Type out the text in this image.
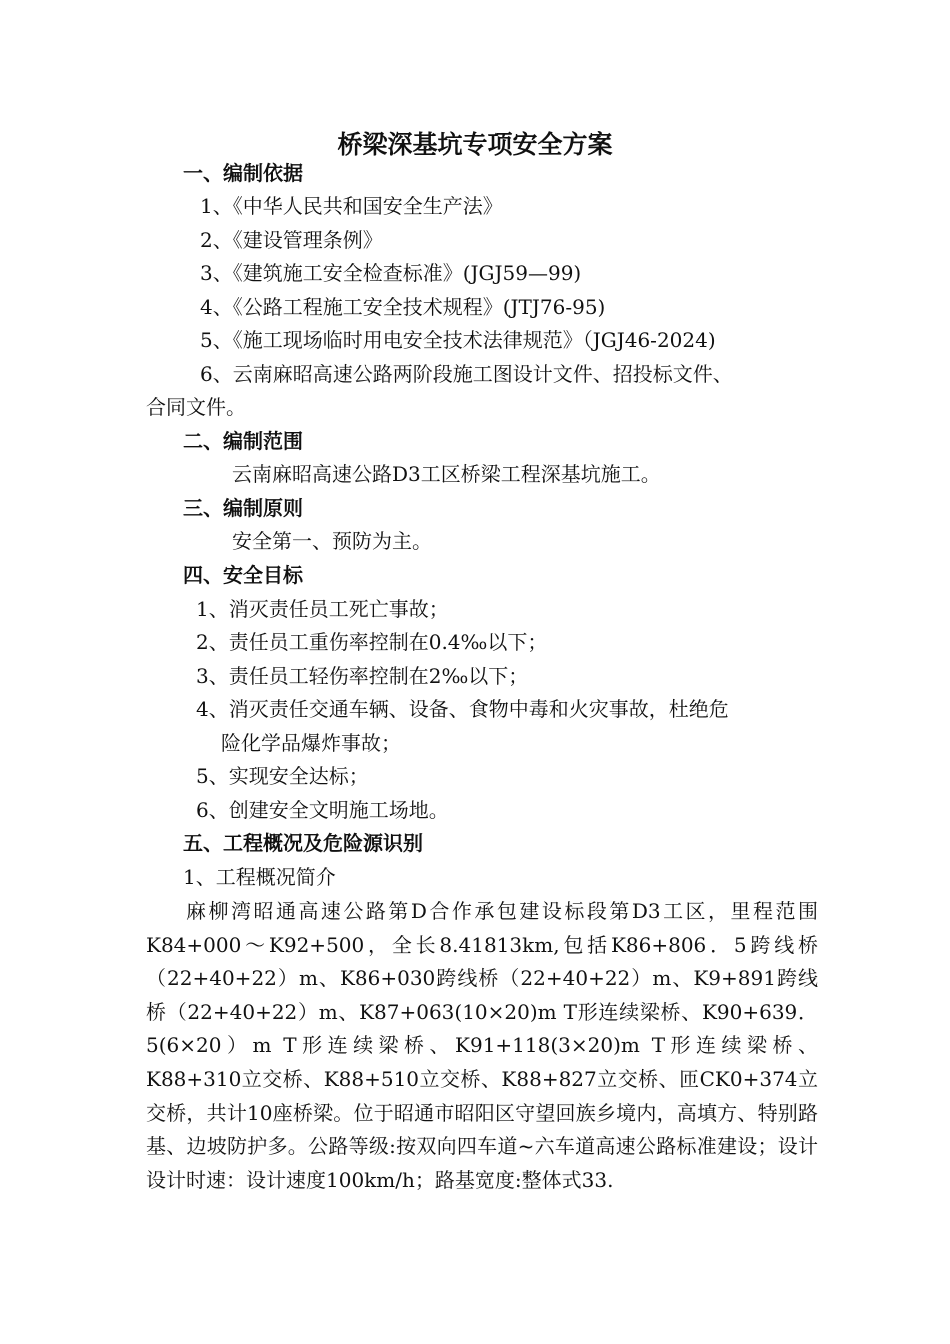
桥梁深基坑专项安全方案
一、编制依据
1、《中华人民共和国安全生产法》
2、《建设管理条例》
3、《建筑施工安全检查标准》(JGJ59—99)
4、《公路工程施工安全技术规程》(JTJ76-95)
5、《施工现场临时用电安全技术法律规范》（JGJ46-2024)
6、云南麻昭高速公路两阶段施工图设计文件、招投标文件、
合同文件。
二、编制范围
云南麻昭高速公路D3工区桥梁工程深基坑施工。
三、编制原则
安全第一、预防为主。
四、安全目标
1、消灭责任员工死亡事故；
2、责任员工重伤率控制在0.4‰以下；
3、责任员工轻伤率控制在2‰以下；
4、消灭责任交通车辆、设备、食物中毒和火灾事故，杜绝危
险化学品爆炸事故；
5、实现安全达标；
6、创建安全文明施工场地。
五、工程概况及危险源识别
1、工程概况简介
麻柳湾昭通高速公路第D合作承包建设标段第D3工区，里程范围K84+000～K92+500，全长8.41813km,包括K86+806．5跨线桥（22+40+22）m、K86+030跨线桥（22+40+22）m、K9+891跨线桥（22+40+22）m、K87+063(10×20)m T形连续梁桥、K90+639．5(6×20）m T形连续梁桥、K91+118(3×20)m T形连续梁桥、K88+310立交桥、K88+510立交桥、K88+827立交桥、匝CK0+374立交桥，共计10座桥梁。位于昭通市昭阳区守望回族乡境内，高填方、特别路基、边坡防护多。公路等级:按双向四车道~六车道高速公路标准建设；设计设计时速：设计速度100km/h；路基宽度:整体式33.
